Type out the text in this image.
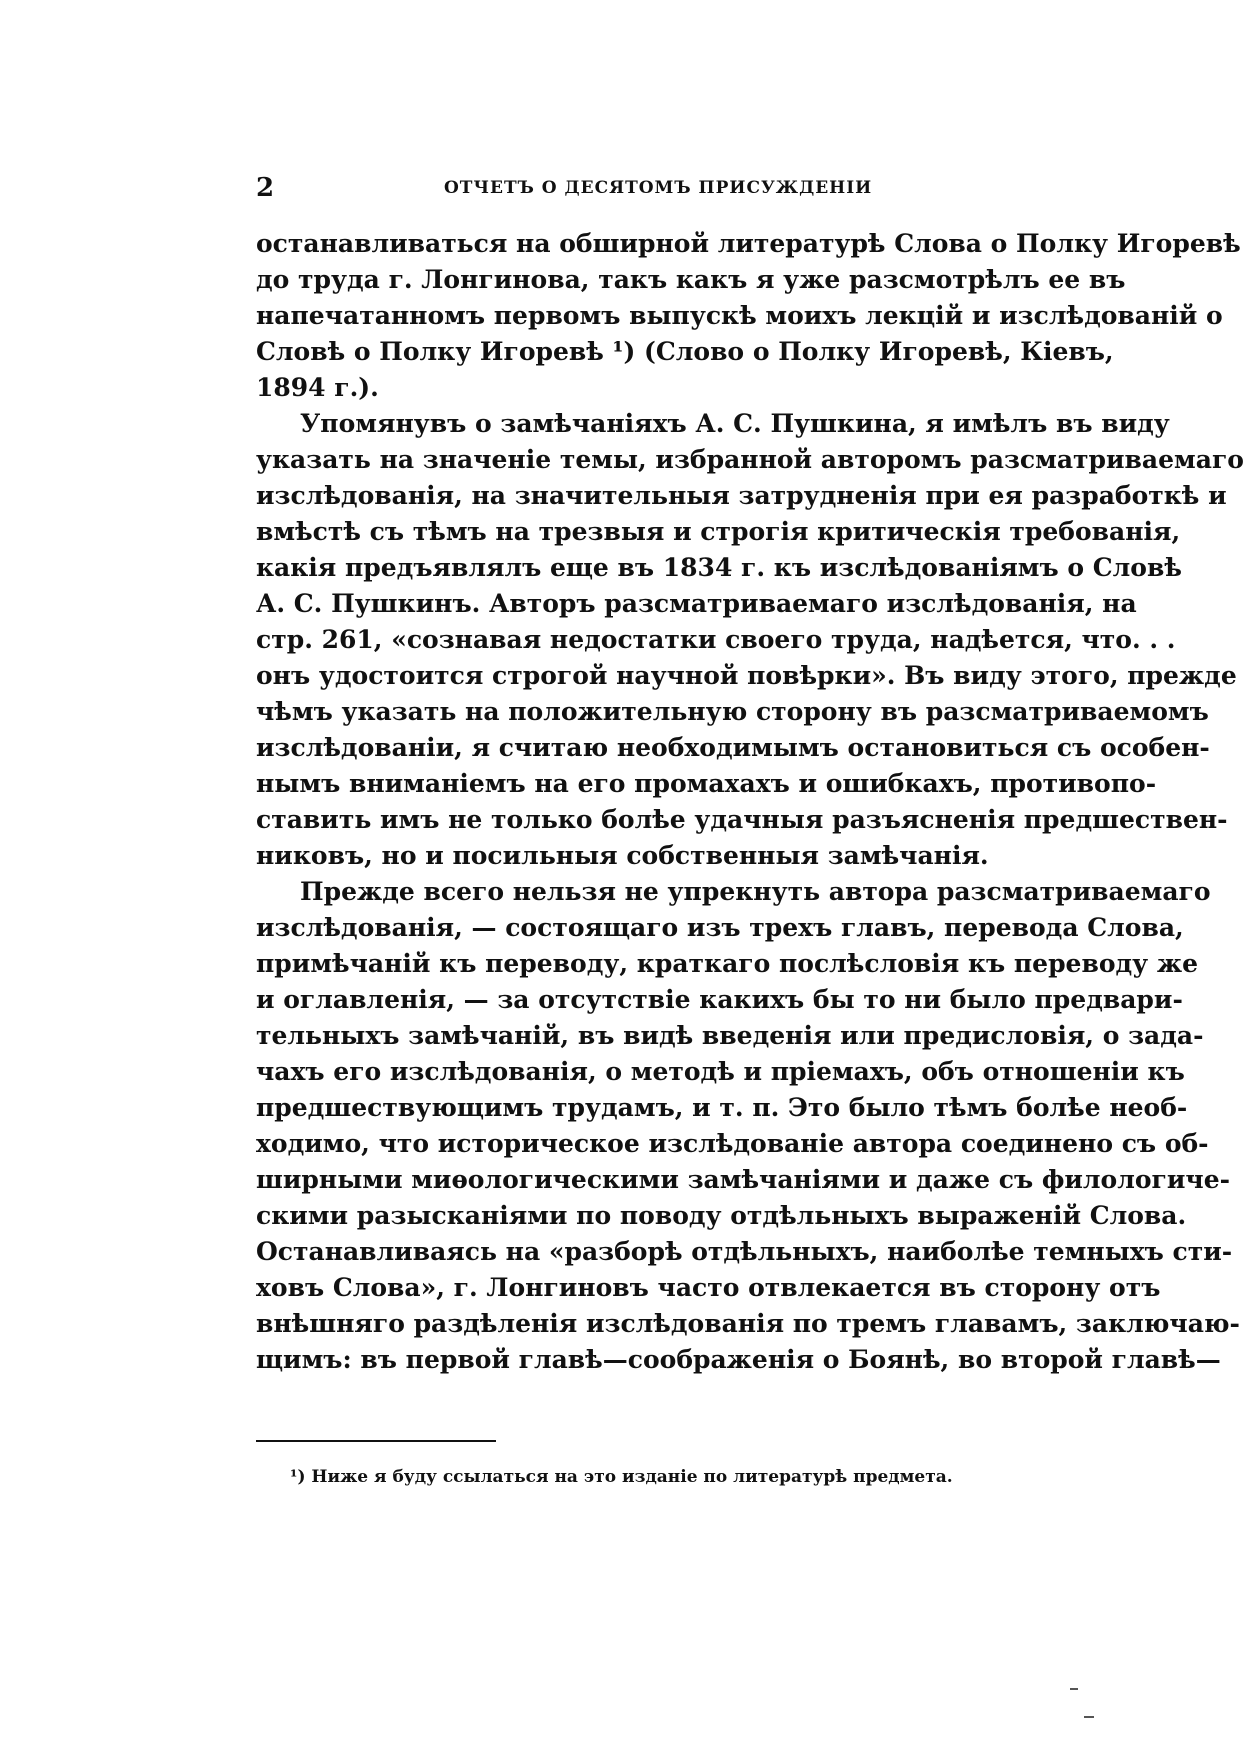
2	ОТЧЕТЪ О ДЕСЯТОМЪ ПРИСУЖДЕНІИ
останавливаться на обширной литературѣ Слова о Полку Игоревѣ
до труда г. Лонгинова, такъ какъ я уже разсмотрѣлъ ее въ
напечатанномъ первомъ выпускѣ моихъ лекцій и изслѣдованій о
Словѣ о Полку Игоревѣ ¹) (Слово о Полку Игоревѣ, Кіевъ,
1894 г.).
Упомянувъ о замѣчаніяхъ А. С. Пушкина, я имѣлъ въ виду
указать на значеніе темы, избранной авторомъ разсматриваемаго
изслѣдованія, на значительныя затрудненія при ея разработкѣ и
вмѣстѣ съ тѣмъ на трезвыя и строгія критическія требованія,
какія предъявлялъ еще въ 1834 г. къ изслѣдованіямъ о Словѣ
А. С. Пушкинъ. Авторъ разсматриваемаго изслѣдованія, на
стр. 261, «сознавая недостатки своего труда, надѣется, что. . .
онъ удостоится строгой научной повѣрки». Въ виду этого, прежде
чѣмъ указать на положительную сторону въ разсматриваемомъ
изслѣдованіи, я считаю необходимымъ остановиться съ особен-
нымъ вниманіемъ на его промахахъ и ошибкахъ, противопо-
ставить имъ не только болѣе удачныя разъясненія предшествен-
никовъ, но и посильныя собственныя замѣчанія.
Прежде всего нельзя не упрекнуть автора разсматриваемаго
изслѣдованія, — состоящаго изъ трехъ главъ, перевода Слова,
примѣчаній къ переводу, краткаго послѣсловія къ переводу же
и оглавленія, — за отсутствіе какихъ бы то ни было предвари-
тельныхъ замѣчаній, въ видѣ введенія или предисловія, о зада-
чахъ его изслѣдованія, о методѣ и пріемахъ, объ отношеніи къ
предшествующимъ трудамъ, и т. п. Это было тѣмъ болѣе необ-
ходимо, что историческое изслѣдованіе автора соединено съ об-
ширными миѳологическими замѣчаніями и даже съ филологиче-
скими разысканіями по поводу отдѣльныхъ выраженій Слова.
Останавливаясь на «разборѣ отдѣльныхъ, наиболѣе темныхъ сти-
ховъ Слова», г. Лонгиновъ часто отвлекается въ сторону отъ
внѣшняго раздѣленія изслѣдованія по тремъ главамъ, заключаю-
щимъ: въ первой главѣ—соображенія о Боянѣ, во второй главѣ—
¹) Ниже я буду ссылаться на это изданіе по литературѣ предмета.
